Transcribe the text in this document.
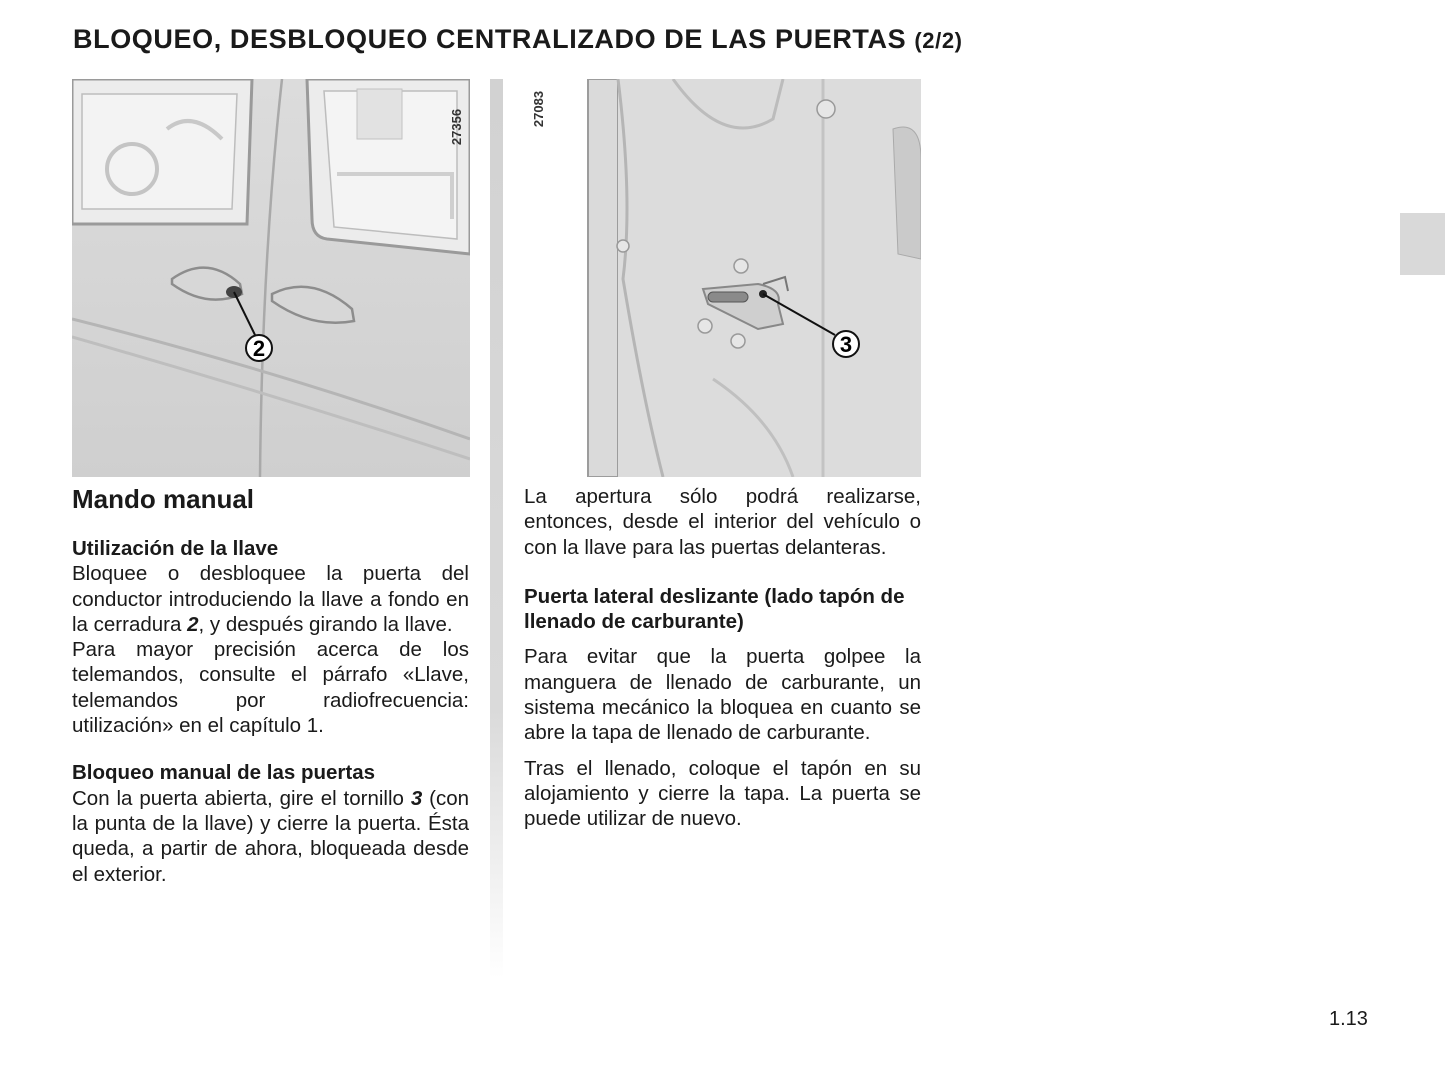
BLOQUEO, DESBLOQUEO CENTRALIZADO DE LAS PUERTAS (2/2)
2
27356
3
27083
Mando manual
Utilización de la llave

Bloquee o desbloquee la puerta del conductor introduciendo la llave a fondo en la cerradura 2, y después girando la llave.

Para mayor precisión acerca de los telemandos, consulte el párrafo «Llave, telemandos por radiofrecuencia: utilización» en el capítulo 1.

Bloqueo manual de las puertas

Con la puerta abierta, gire el tornillo 3 (con la punta de la llave) y cierre la puerta. Ésta queda, a partir de ahora, bloqueada desde el exterior.

La apertura sólo podrá realizarse, entonces, desde el interior del vehículo o con la llave para las puertas delanteras.

Puerta lateral deslizante (lado tapón de llenado de carburante)

Para evitar que la puerta golpee la manguera de llenado de carburante, un sistema mecánico la bloquea en cuanto se abre la tapa de llenado de carburante.

Tras el llenado, coloque el tapón en su alojamiento y cierre la tapa. La puerta se puede utilizar de nuevo.

1.13
